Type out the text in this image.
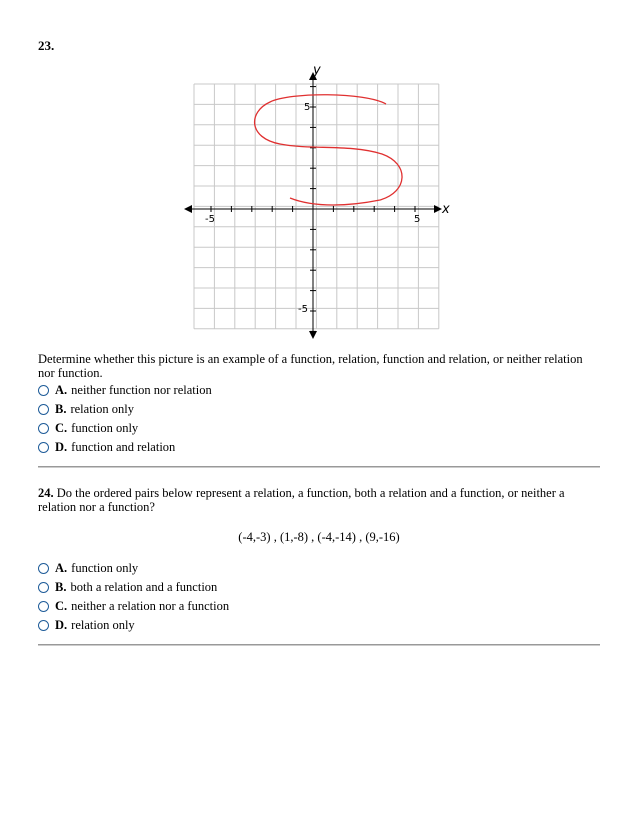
23.
y
x
-5	5
5
-5
Determine whether this picture is an example of a function, relation, function and relation, or neither relation nor function.
A. neither function nor relation
B. relation only
C. function only
D. function and relation
24. Do the ordered pairs below represent a relation, a function, both a relation and a function, or neither a relation nor a function?
(-4,-3) , (1,-8) , (-4,-14) , (9,-16)
A. function only
B. both a relation and a function
C. neither a relation nor a function
D. relation only
